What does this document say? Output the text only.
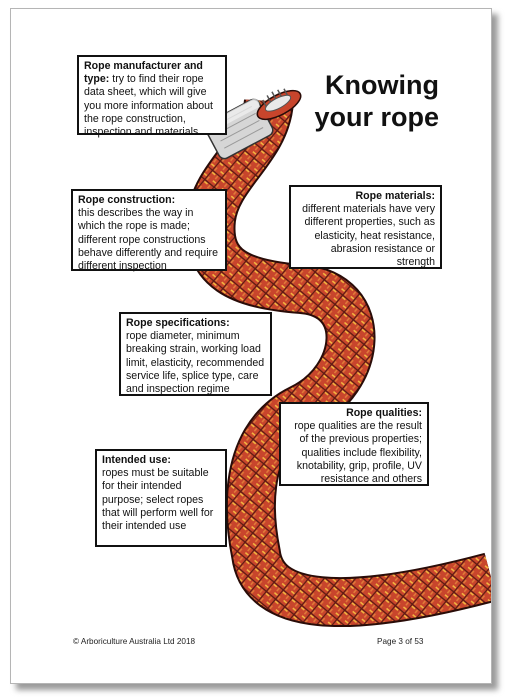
Knowing
your rope
Rope manufacturer and type: try to find their rope data sheet, which will give you more information about the rope construction, inspection and materials
Rope construction:
this describes the way in which the rope is made; different rope constructions behave differently and require different inspection
Rope materials:
different materials have very different properties, such as elasticity, heat resistance, abrasion resistance or strength
Rope specifications:
rope diameter, minimum breaking strain, working load limit, elasticity, recommended service life, splice type, care and inspection regime
Rope qualities:
rope qualities are the result of the previous properties; qualities include flexibility, knotability, grip, profile, UV resistance and others
Intended use:
ropes must be suitable for their intended purpose; select ropes that will perform well for their intended use
© Arboriculture Australia Ltd 2018	Page 3 of 53
